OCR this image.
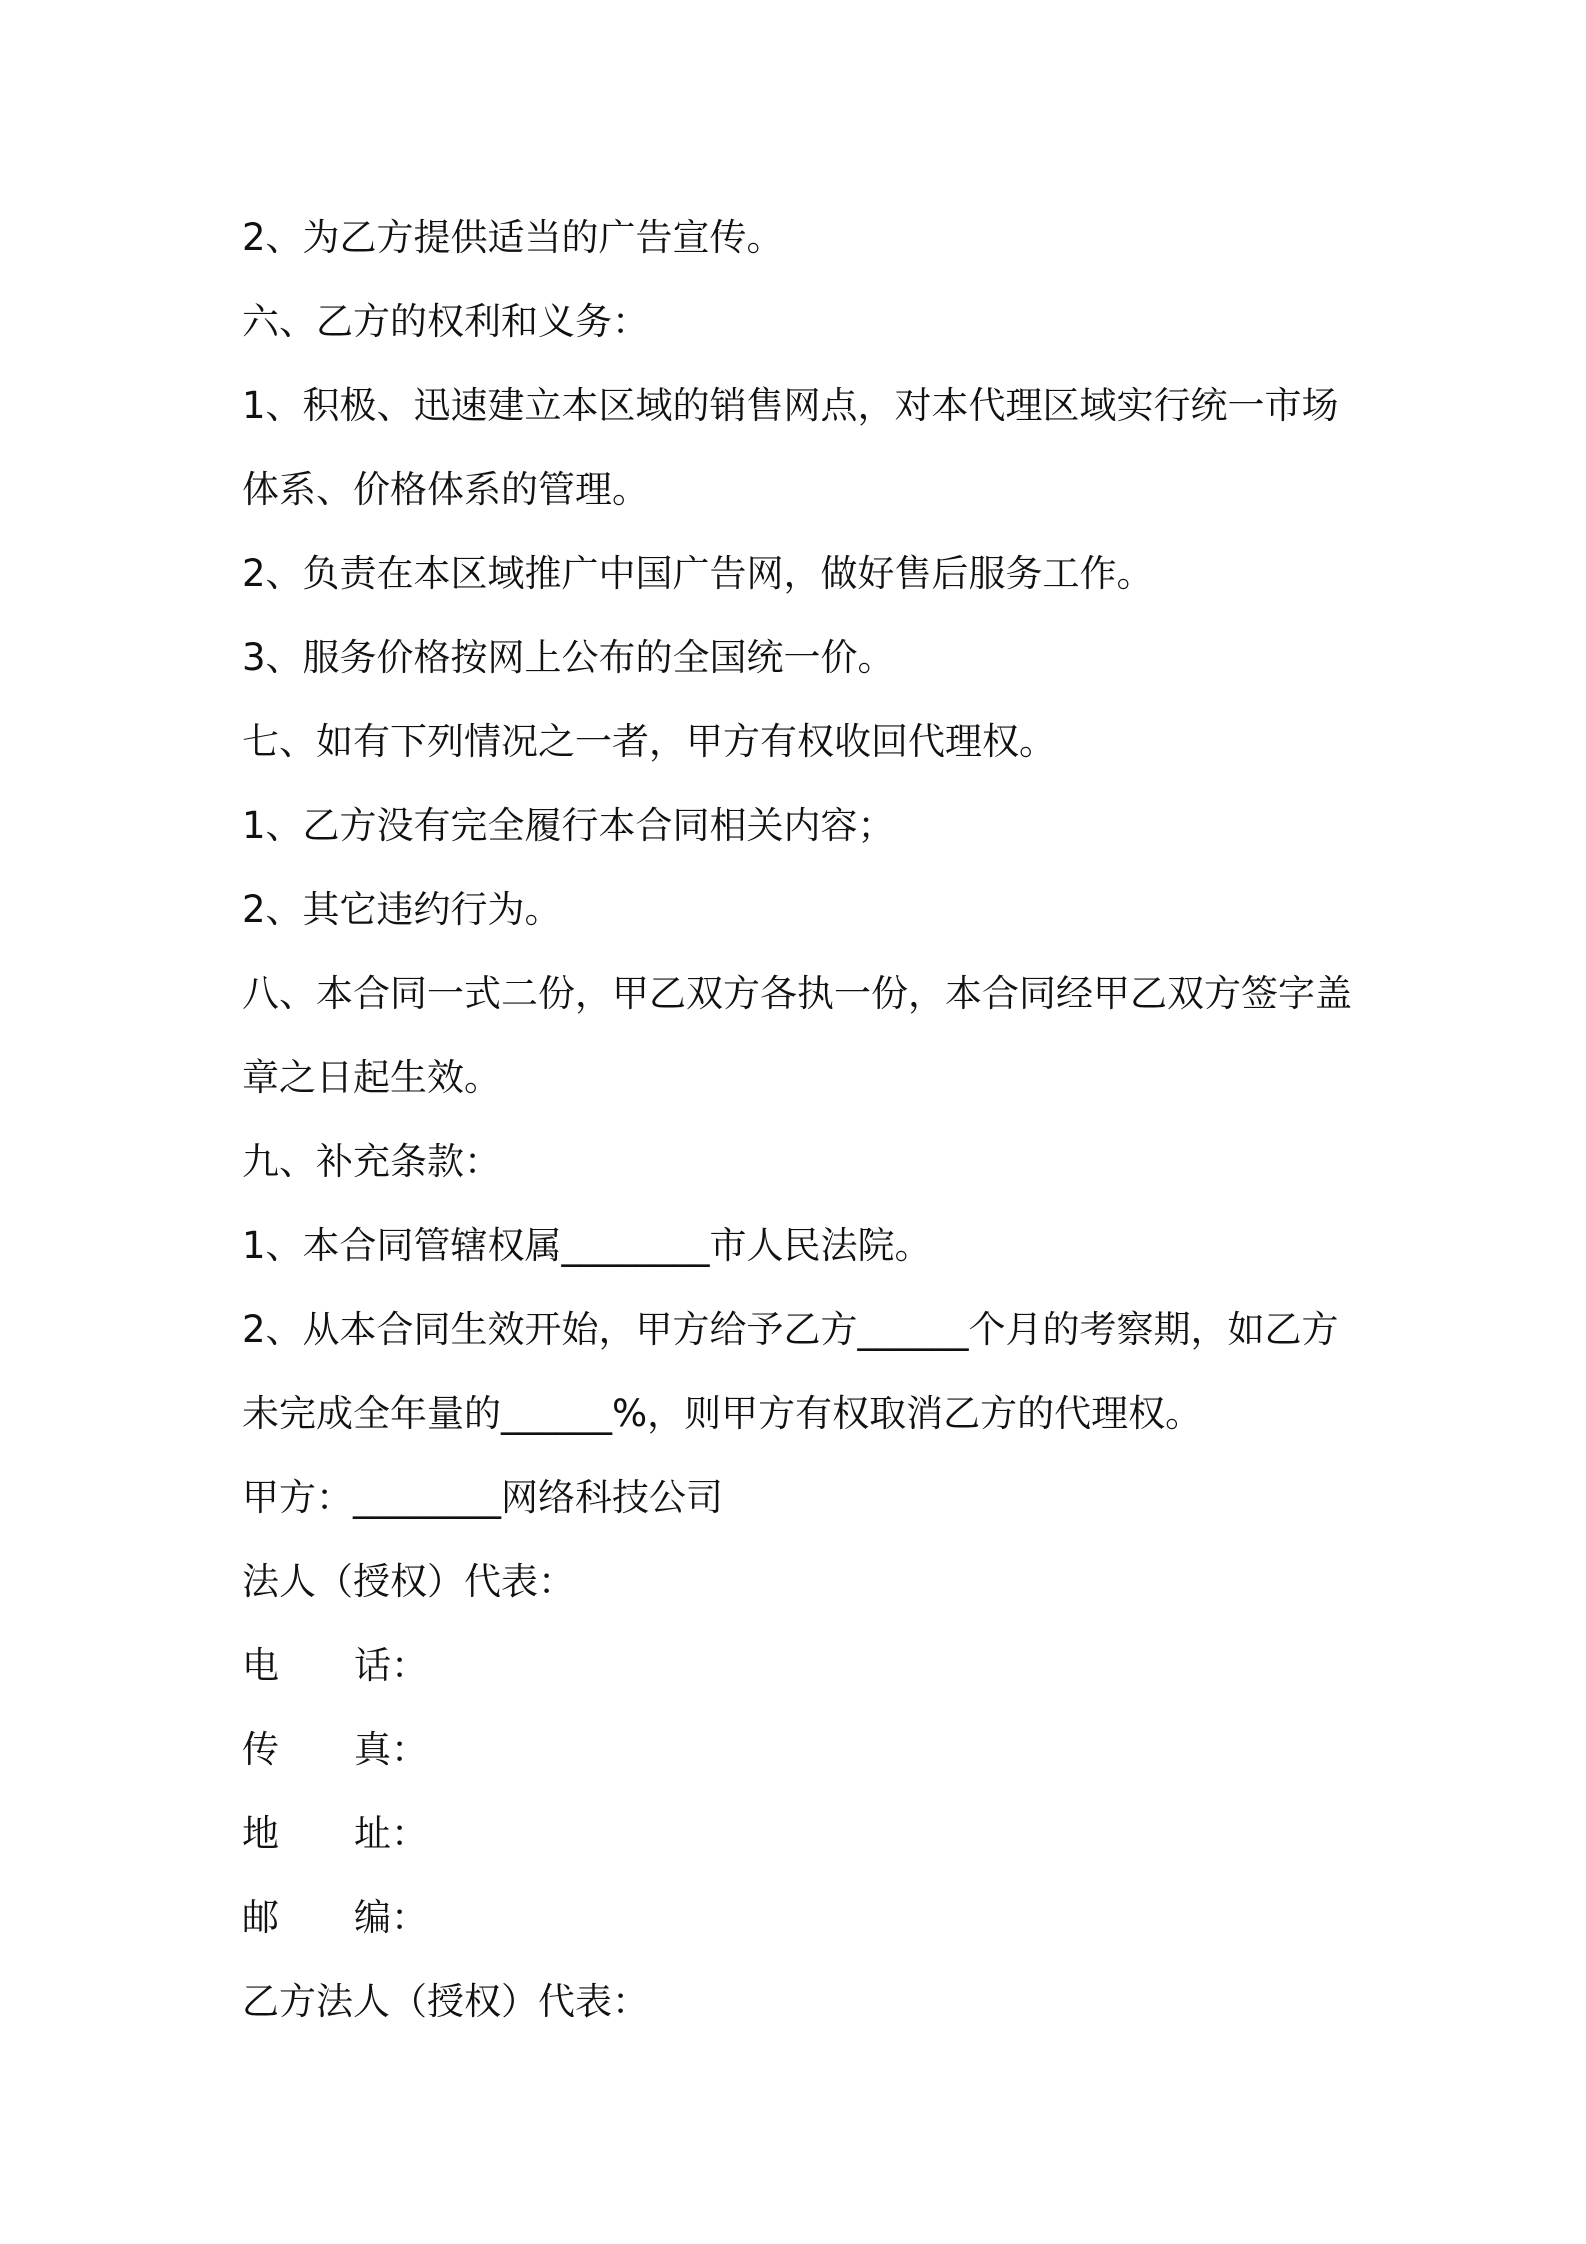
2、为乙方提供适当的广告宣传。
六、乙方的权利和义务：
1、积极、迅速建立本区域的销售网点，对本代理区域实行统一市场
体系、价格体系的管理。
2、负责在本区域推广中国广告网，做好售后服务工作。
3、服务价格按网上公布的全国统一价。
七、如有下列情况之一者，甲方有权收回代理权。
1、乙方没有完全履行本合同相关内容；
2、其它违约行为。
八、本合同一式二份，甲乙双方各执一份，本合同经甲乙双方签字盖
章之日起生效。
九、补充条款：
1、本合同管辖权属________市人民法院。
2、从本合同生效开始，甲方给予乙方______个月的考察期，如乙方
未完成全年量的______%，则甲方有权取消乙方的代理权。
甲方：________网络科技公司
法人（授权）代表：
电	话：
传	真：
地	址：
邮	编：
乙方法人（授权）代表：
